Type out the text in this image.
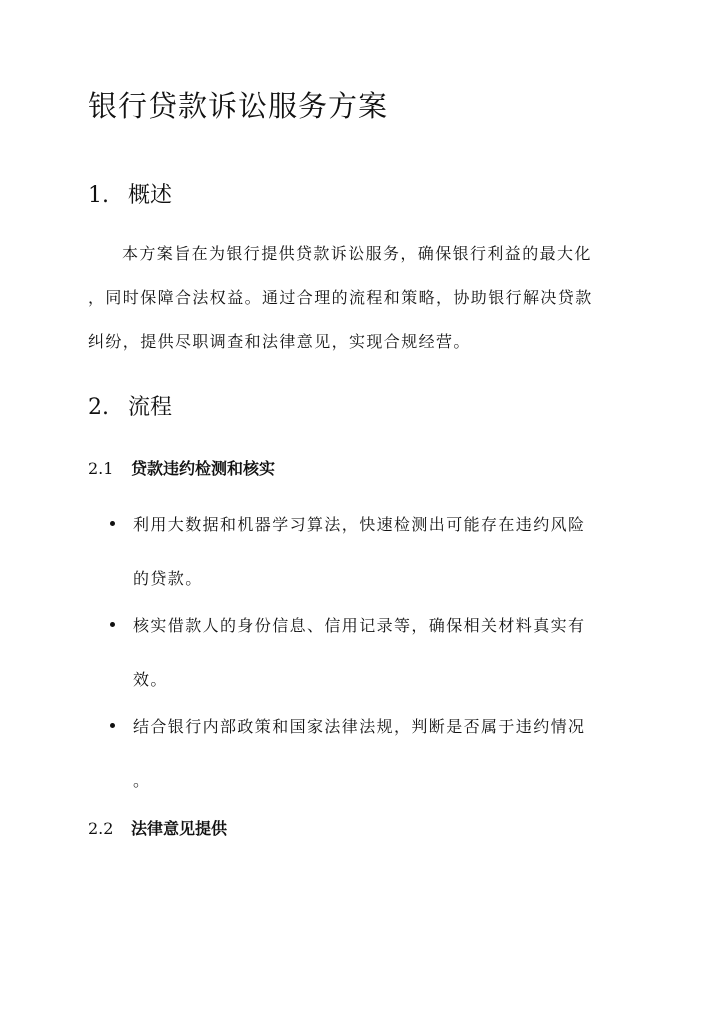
银行贷款诉讼服务方案
1. 概述

本方案旨在为银行提供贷款诉讼服务，确保银行利益的最大化
，同时保障合法权益。通过合理的流程和策略，协助银行解决贷款
纠纷，提供尽职调查和法律意见，实现合规经营。

2. 流程
2.1 贷款违约检测和核实
利用大数据和机器学习算法，快速检测出可能存在违约风险
的贷款。
核实借款人的身份信息、信用记录等，确保相关材料真实有
效。
结合银行内部政策和国家法律法规，判断是否属于违约情况
。
2.2 法律意见提供
